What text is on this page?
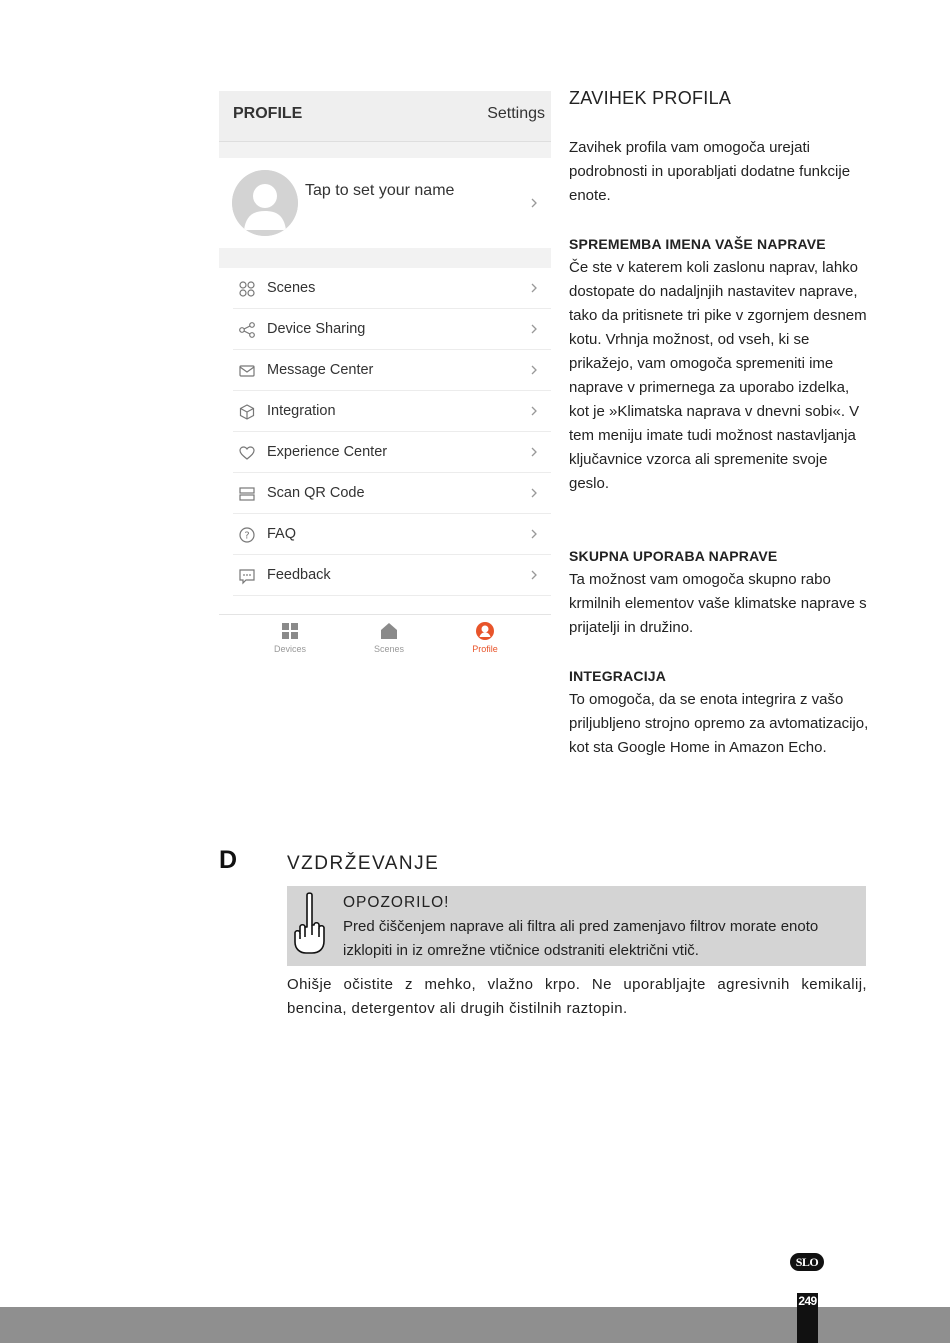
PROFILE	Settings
Tap to set your name
Scenes
Device Sharing
Message Center
Integration
Experience Center
Scan QR Code
? FAQ
Feedback
Devices	Scenes	Profile
ZAVIHEK PROFILA

Zavihek profila vam omogoča urejati podrobnosti in uporabljati dodatne funkcije enote.

SPREMEMBA IMENA VAŠE NAPRAVE
Če ste v katerem koli zaslonu naprav, lahko dostopate do nadaljnjih nastavitev naprave, tako da pritisnete tri pike v zgornjem desnem kotu. Vrhnja možnost, od vseh, ki se prikažejo, vam omogoča spremeniti ime naprave v primernega za uporabo izdelka, kot je »Klimatska naprava v dnevni sobi«. V tem meniju imate tudi možnost nastavljanja ključavnice vzorca ali spremenite svoje geslo.
SKUPNA UPORABA NAPRAVE
Ta možnost vam omogoča skupno rabo krmilnih elementov vaše klimatske naprave s prijatelji in družino.
INTEGRACIJA
To omogoča, da se enota integrira z vašo priljubljeno strojno opremo za avtomatizacijo, kot sta Google Home in Amazon Echo.
D	VZDRŽEVANJE
OPOZORILO!
Pred čiščenjem naprave ali filtra ali pred zamenjavo filtrov morate enoto izklopiti in iz omrežne vtičnice odstraniti električni vtič.
Ohišje očistite z mehko, vlažno krpo. Ne uporabljajte agresivnih kemikalij, bencina, detergentov ali drugih čistilnih raztopin.
SLO
249
